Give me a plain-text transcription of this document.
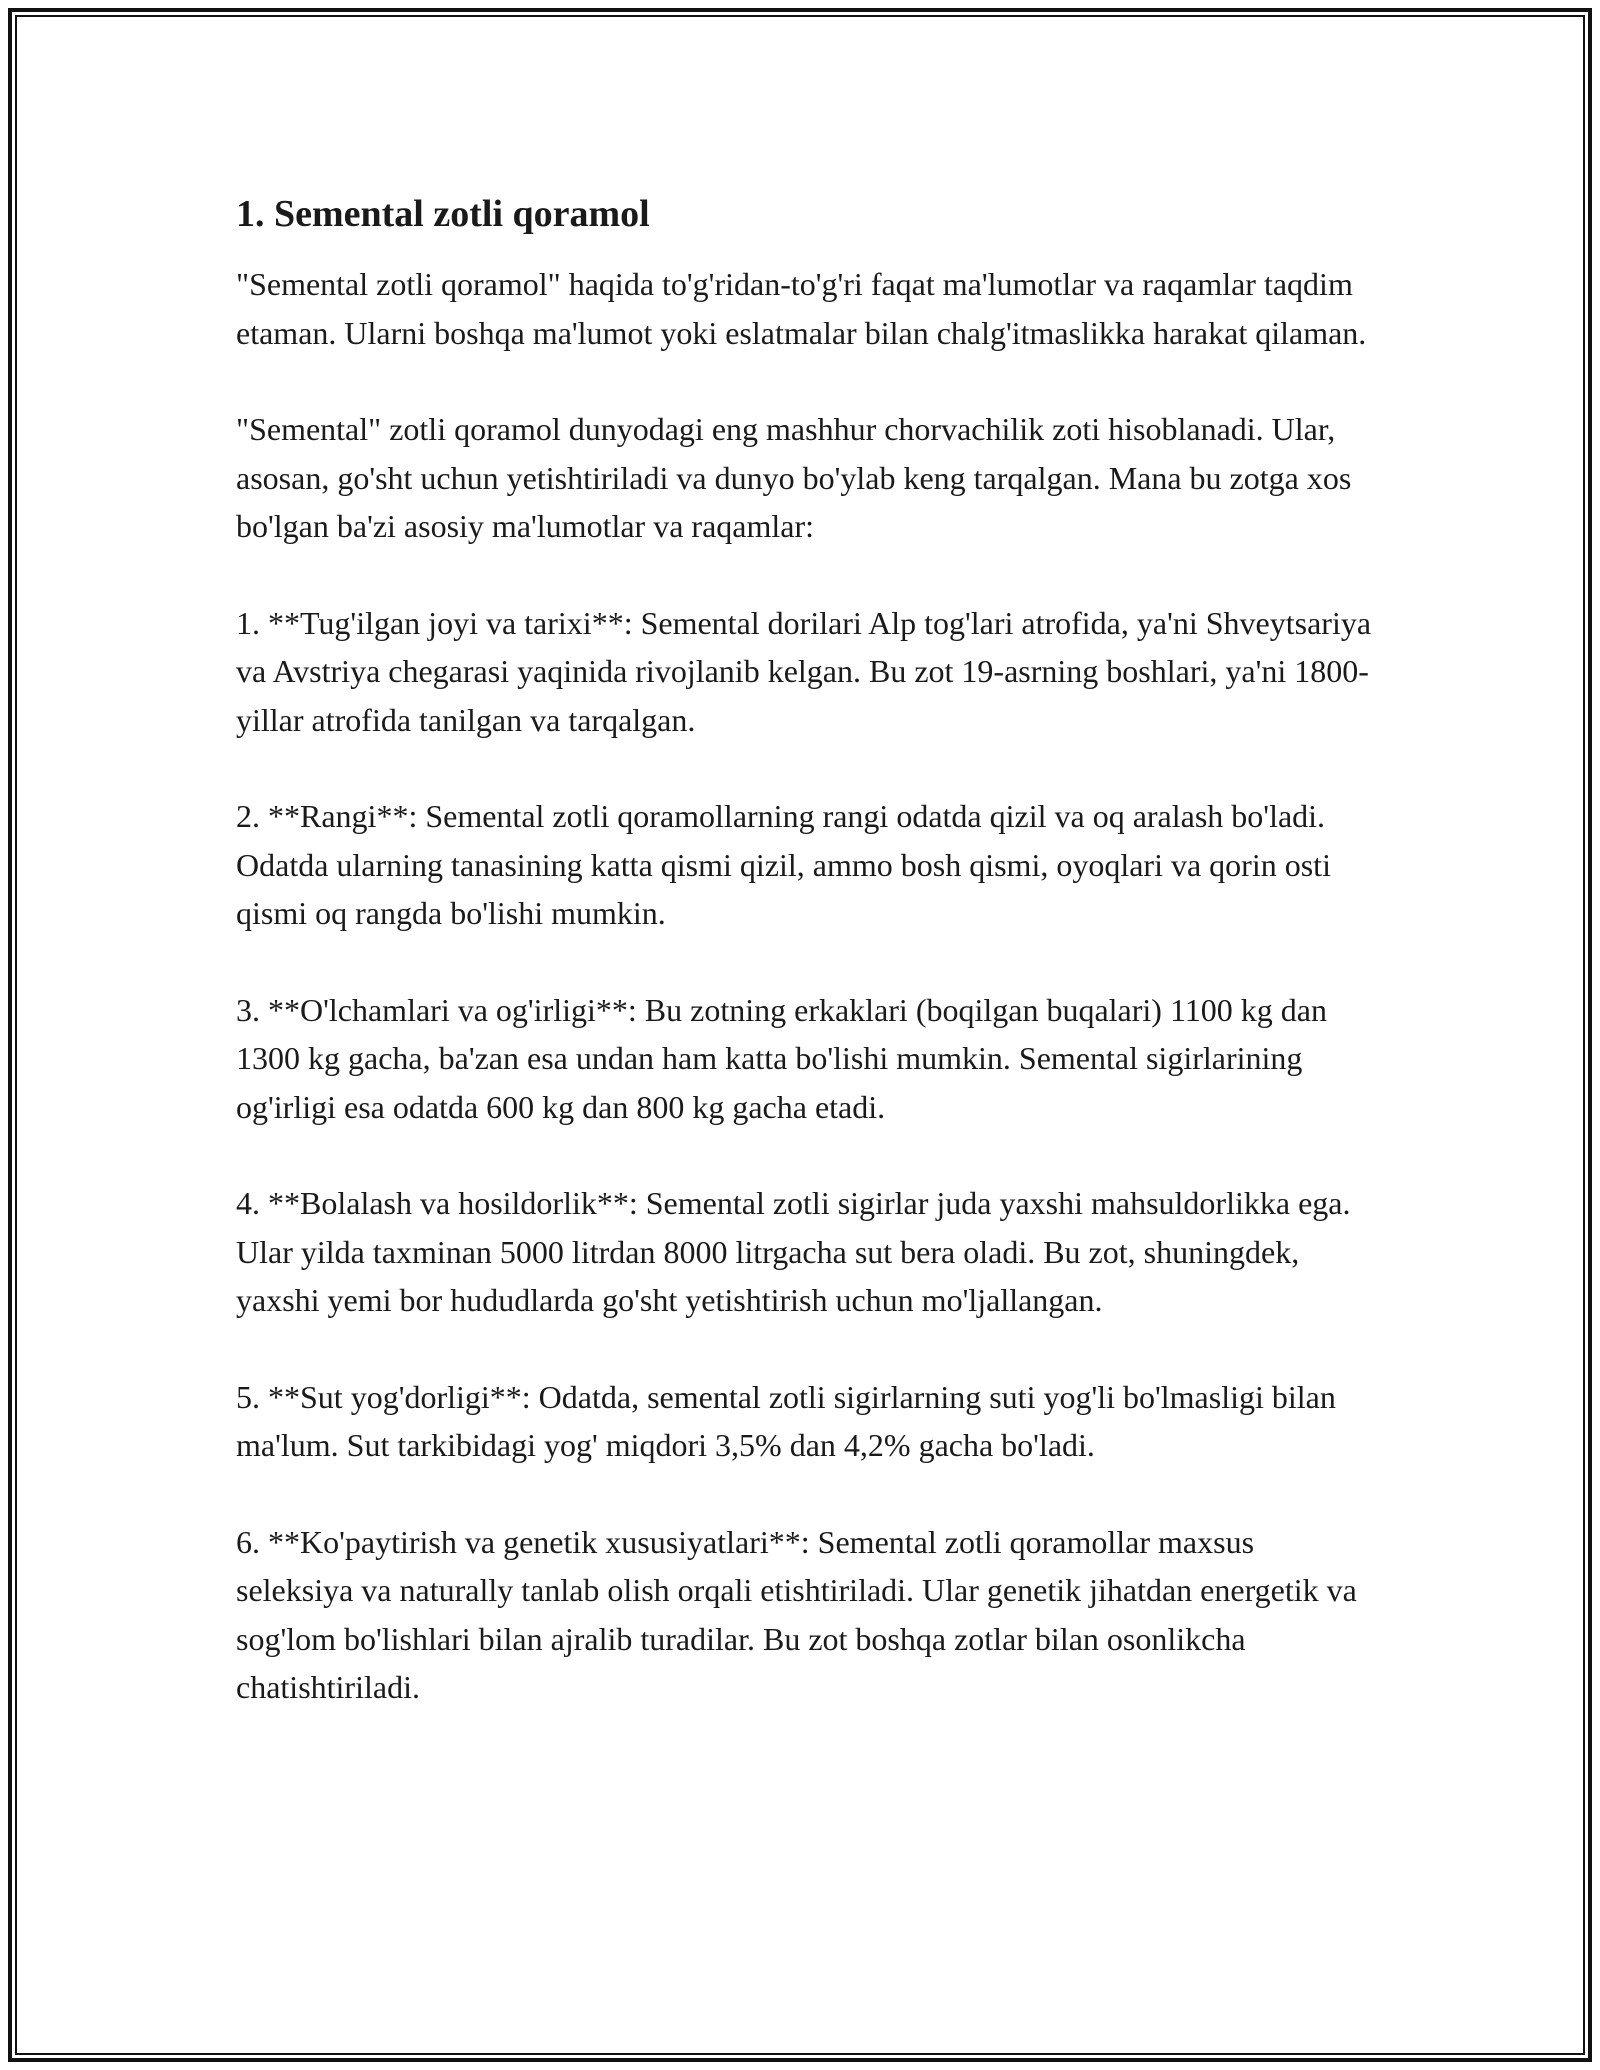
1. Semental zotli qoramol

"Semental zotli qoramol" haqida to'g'ridan-to'g'ri faqat ma'lumotlar va raqamlar taqdim etaman. Ularni boshqa ma'lumot yoki eslatmalar bilan chalg'itmaslikka harakat qilaman.

"Semental" zotli qoramol dunyodagi eng mashhur chorvachilik zoti hisoblanadi. Ular, asosan, go'sht uchun yetishtiriladi va dunyo bo'ylab keng tarqalgan. Mana bu zotga xos bo'lgan ba'zi asosiy ma'lumotlar va raqamlar:

1. **Tug'ilgan joyi va tarixi**: Semental dorilari Alp tog'lari atrofida, ya'ni Shveytsariya va Avstriya chegarasi yaqinida rivojlanib kelgan. Bu zot 19-asrning boshlari, ya'ni 1800-yillar atrofida tanilgan va tarqalgan.

2. **Rangi**: Semental zotli qoramollarning rangi odatda qizil va oq aralash bo'ladi. Odatda ularning tanasining katta qismi qizil, ammo bosh qismi, oyoqlari va qorin osti qismi oq rangda bo'lishi mumkin.

3. **O'lchamlari va og'irligi**: Bu zotning erkaklari (boqilgan buqalari) 1100 kg dan 1300 kg gacha, ba'zan esa undan ham katta bo'lishi mumkin. Semental sigirlarining og'irligi esa odatda 600 kg dan 800 kg gacha etadi.

4. **Bolalash va hosildorlik**: Semental zotli sigirlar juda yaxshi mahsuldorlikka ega. Ular yilda taxminan 5000 litrdan 8000 litrgacha sut bera oladi. Bu zot, shuningdek, yaxshi yemi bor hududlarda go'sht yetishtirish uchun mo'ljallangan.

5. **Sut yog'dorligi**: Odatda, semental zotli sigirlarning suti yog'li bo'lmasligi bilan ma'lum. Sut tarkibidagi yog' miqdori 3,5% dan 4,2% gacha bo'ladi.

6. **Ko'paytirish va genetik xususiyatlari**: Semental zotli qoramollar maxsus seleksiya va naturally tanlab olish orqali etishtiriladi. Ular genetik jihatdan energetik va sog'lom bo'lishlari bilan ajralib turadilar. Bu zot boshqa zotlar bilan osonlikcha chatishtiriladi.
